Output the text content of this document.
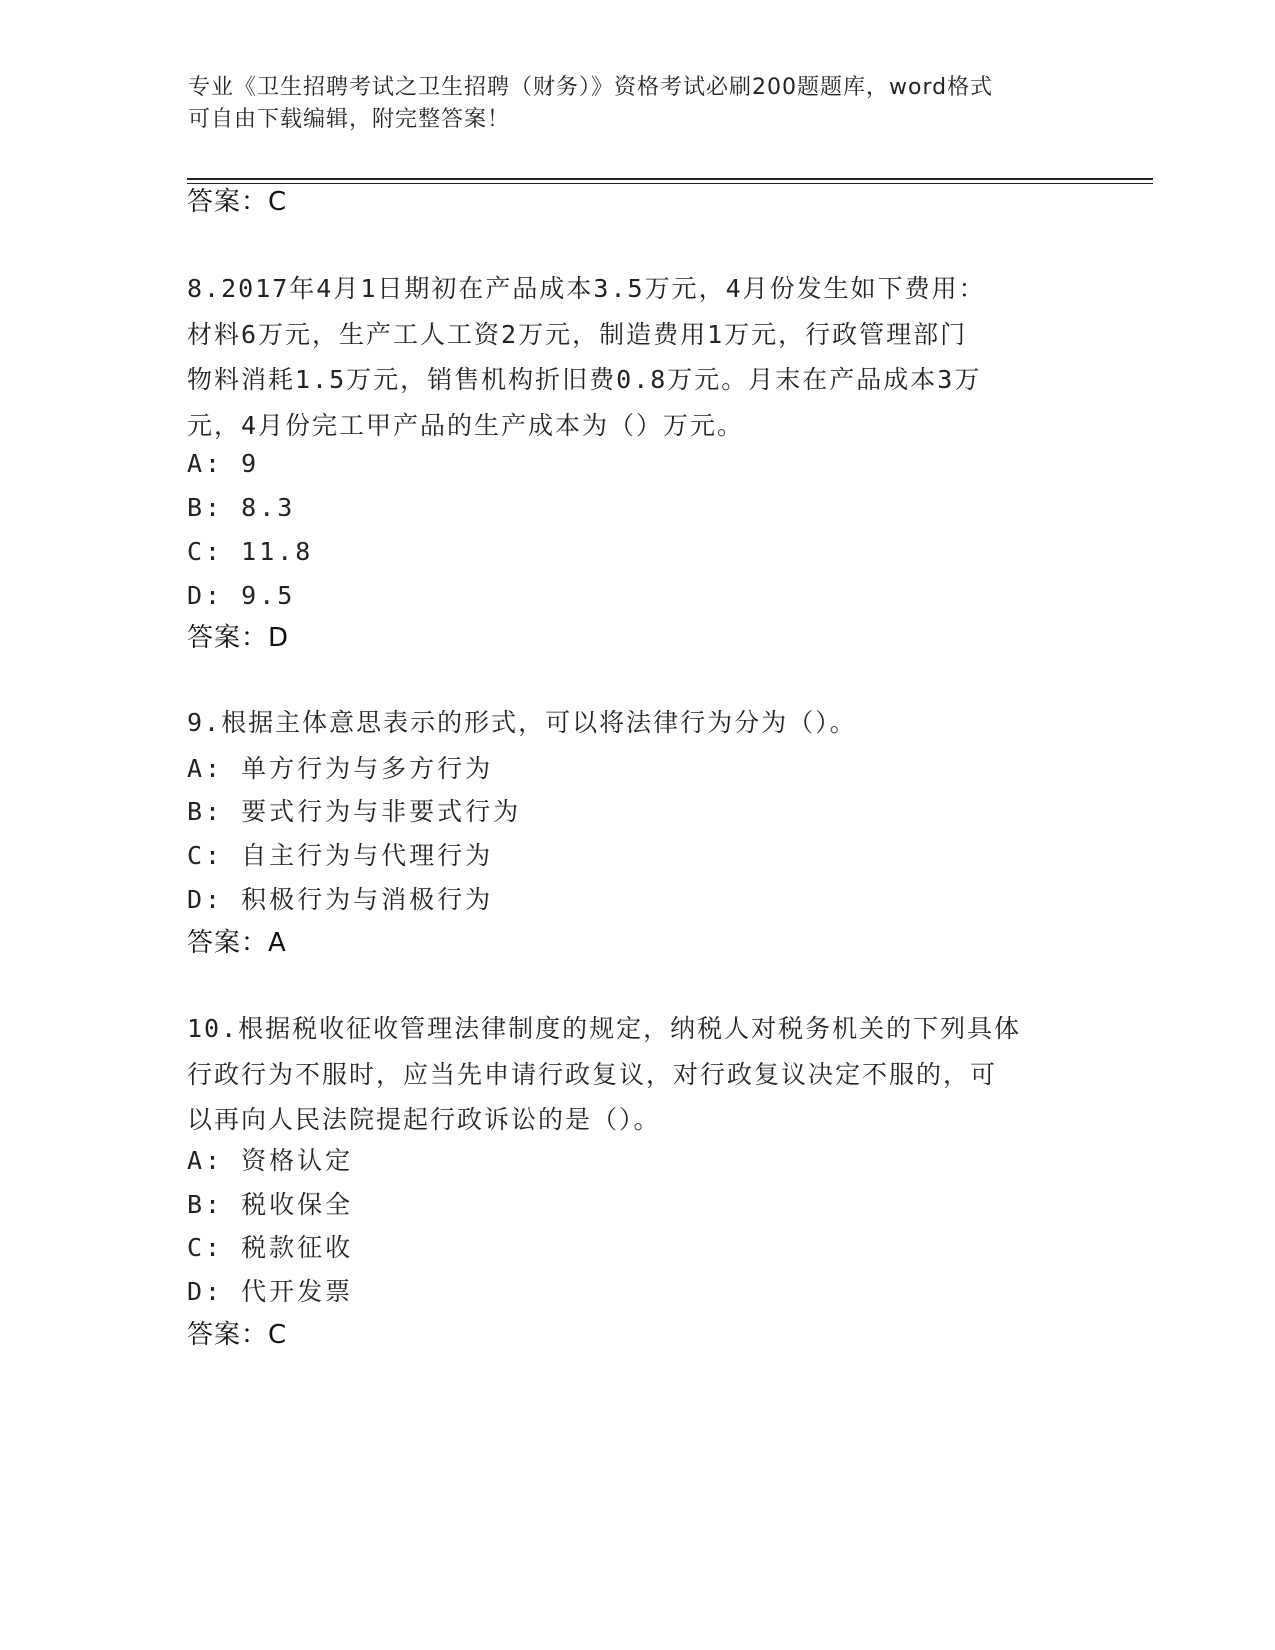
专业《卫生招聘考试之卫生招聘（财务）》资格考试必刷200题题库，word格式
可自由下载编辑，附完整答案！
答案：C
8.2017年4月1日期初在产品成本3.5万元，4月份发生如下费用：
材料6万元，生产工人工资2万元，制造费用1万元，行政管理部门
物料消耗1.5万元，销售机构折旧费0.8万元。月末在产品成本3万
元，4月份完工甲产品的生产成本为（）万元。
A: 9
B: 8.3
C: 11.8
D: 9.5
答案：D
9.根据主体意思表示的形式，可以将法律行为分为（）。
A: 单方行为与多方行为
B: 要式行为与非要式行为
C: 自主行为与代理行为
D: 积极行为与消极行为
答案：A
10.根据税收征收管理法律制度的规定，纳税人对税务机关的下列具体
行政行为不服时，应当先申请行政复议，对行政复议决定不服的，可
以再向人民法院提起行政诉讼的是（）。
A: 资格认定
B: 税收保全
C: 税款征收
D: 代开发票
答案：C
